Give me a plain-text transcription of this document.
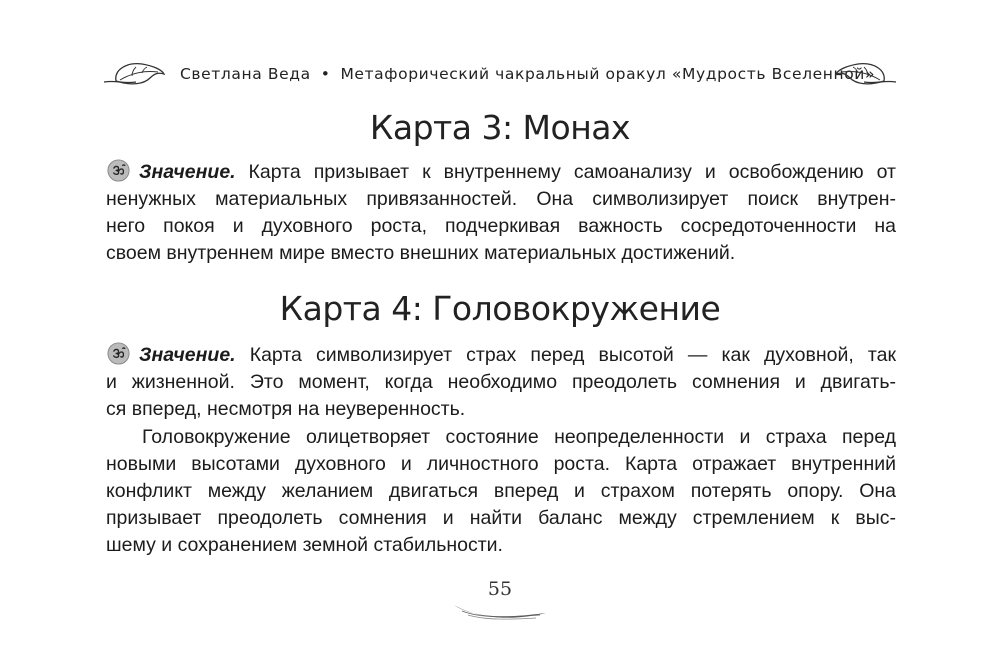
Светлана Веда • Метафорический чакральный оракул «Мудрость Вселенной»
Карта 3: Монах
Значение. Карта призывает к внутреннему самоанализу и освобождению от
ненужных материальных привязанностей. Она символизирует поиск внутрен-
него покоя и духовного роста, подчеркивая важность сосредоточенности на
своем внутреннем мире вместо внешних материальных достижений.
Карта 4: Головокружение
Значение. Карта символизирует страх перед высотой — как духовной, так
и жизненной. Это момент, когда необходимо преодолеть сомнения и двигать-
ся вперед, несмотря на неуверенность.
Головокружение олицетворяет состояние неопределенности и страха перед
новыми высотами духовного и личностного роста. Карта отражает внутренний
конфликт между желанием двигаться вперед и страхом потерять опору. Она
призывает преодолеть сомнения и найти баланс между стремлением к выс-
шему и сохранением земной стабильности.
55
